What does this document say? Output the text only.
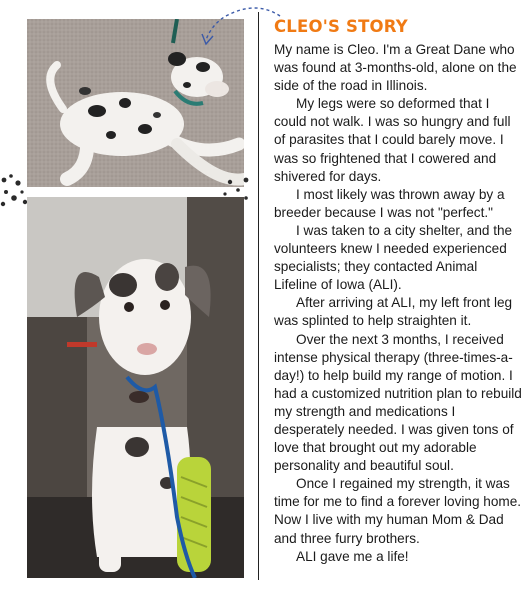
CLEO'S STORY

My name is Cleo. I'm a Great Dane who was found at 3-months-old, alone on the side of the road in Illinois.

My legs were so deformed that I could not walk. I was so hungry and full of parasites that I could barely move. I was so frightened that I cowered and shivered for days.

I most likely was thrown away by a breeder because I was not "perfect."

I was taken to a city shelter, and the volunteers knew I needed experienced specialists; they contacted Animal Lifeline of Iowa (ALI).

After arriving at ALI, my left front leg was splinted to help straighten it.

Over the next 3 months, I received intense physical therapy (three-times-a-day!) to help build my range of motion. I had a customized nutrition plan to rebuild my strength and medications I desperately needed. I was given tons of love that brought out my adorable personality and beautiful soul.

Once I regained my strength, it was time for me to find a forever loving home. Now I live with my human Mom & Dad and three furry brothers.

ALI gave me a life!
